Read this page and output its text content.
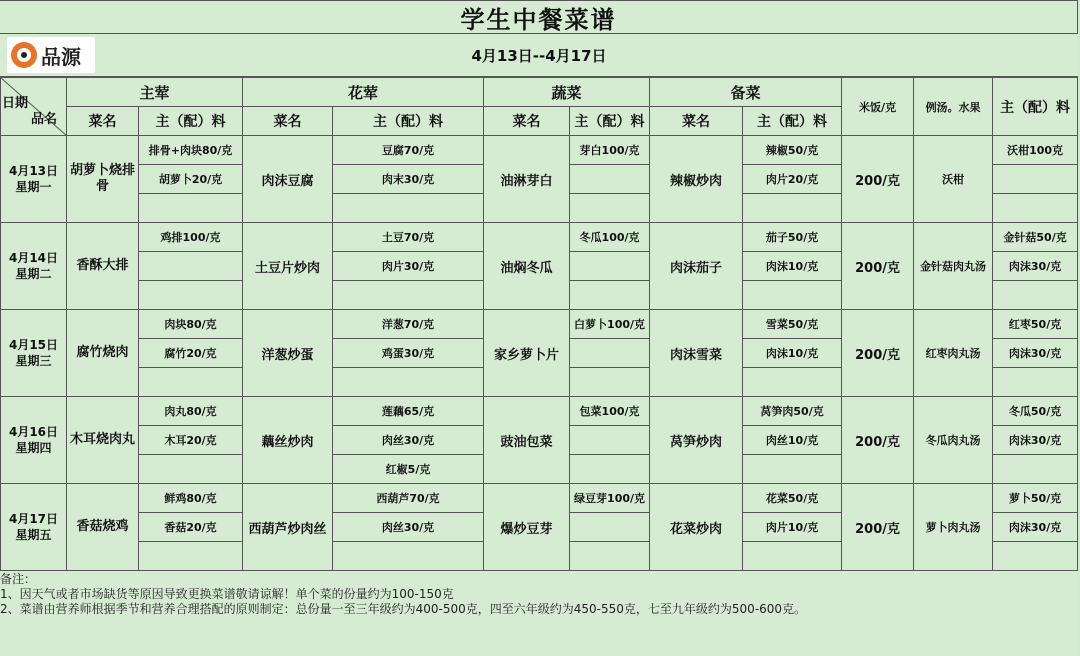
学生中餐菜谱
4月13日--4月17日
品源
日期
品名	主荤		花荤		蔬菜		备菜		米饭/克	例汤。水果	主（配）料
	菜名	主（配）料	菜名	主（配）料	菜名	主（配）料	菜名	主（配）料			

4月13日
星期一	胡萝卜烧排骨	排骨+肉块80/克	肉沫豆腐	豆腐70/克	油淋芽白	芽白100/克	辣椒炒肉	辣椒50/克	200/克	沃柑	沃柑100克
		胡萝卜20/克		肉末30/克				肉片20/克			

4月14日
星期二	香酥大排	鸡排100/克	土豆片炒肉	土豆70/克	油焖冬瓜	冬瓜100/克	肉沫茄子	茄子50/克	200/克	金针菇肉丸汤	金针菇50/克
				肉片30/克				肉沫10/克			肉沫30/克

4月15日
星期三	腐竹烧肉	肉块80/克	洋葱炒蛋	洋葱70/克	家乡萝卜片	白萝卜100/克	肉沫雪菜	雪菜50/克	200/克	红枣肉丸汤	红枣50/克
		腐竹20/克		鸡蛋30/克				肉沫10/克			肉沫30/克

4月16日
星期四	木耳烧肉丸	肉丸80/克	藕丝炒肉	莲藕65/克	豉油包菜	包菜100/克	莴笋炒肉	莴笋肉50/克	200/克	冬瓜肉丸汤	冬瓜50/克
		木耳20/克		肉丝30/克				肉丝10/克			肉沫30/克
				红椒5/克							

4月17日
星期五	香菇烧鸡	鲜鸡80/克	西葫芦炒肉丝	西葫芦70/克	爆炒豆芽	绿豆芽100/克	花菜炒肉	花菜50/克	200/克	萝卜肉丸汤	萝卜50/克
		香菇20/克		肉丝30/克				肉片10/克			肉沫30/克

备注：
1、因天气或者市场缺货等原因导致更换菜谱敬请谅解！单个菜的份量约为100-150克
2、菜谱由营养师根据季节和营养合理搭配的原则制定：总份量一至三年级约为400-500克，四至六年级约为450-550克，七至九年级约为500-600克。
